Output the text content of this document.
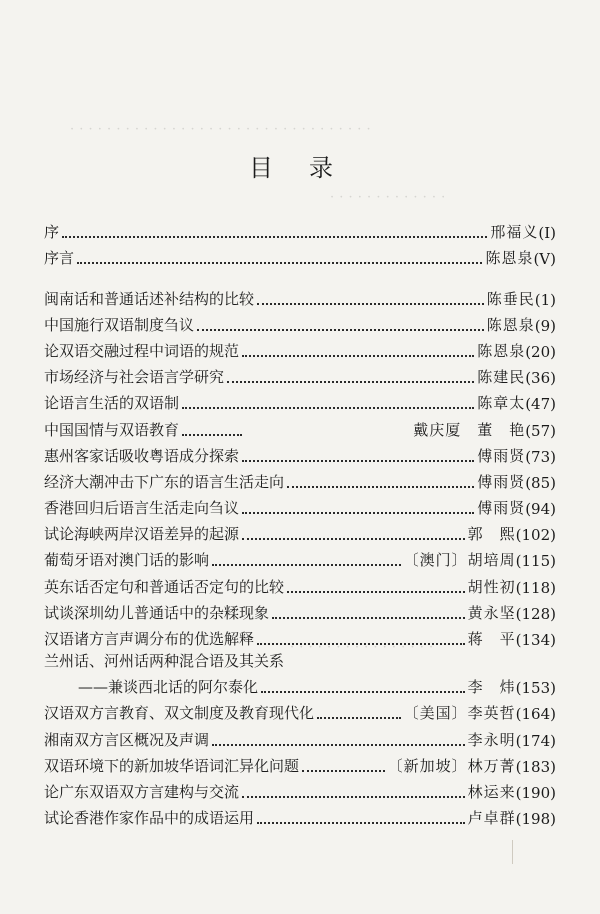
· · · · · · · · · · · · · · · · · · · · · · · · · · · · · · · · ·
· · · · · · · · · · · · ·
· · · · · · · · · · · · · · ·
· · · · · · · · · · · · · · · ·
目录
序	邢福义 (Ⅰ)
序言	陈恩泉 (Ⅴ)
闽南话和普通话述补结构的比较	陈垂民 (1)
中国施行双语制度刍议	陈恩泉 (9)
论双语交融过程中词语的规范	陈恩泉 (20)
市场经济与社会语言学研究	陈建民 (36)
论语言生活的双语制	陈章太 (47)
中国国情与双语教育	戴庆厦　董　艳 (57)
惠州客家话吸收粤语成分探索	傅雨贤 (73)
经济大潮冲击下广东的语言生活走向	傅雨贤 (85)
香港回归后语言生活走向刍议	傅雨贤 (94)
试论海峡两岸汉语差异的起源	郭　熙 (102)
葡萄牙语对澳门话的影响	〔澳门〕胡培周 (115)
英东话否定句和普通话否定句的比较	胡性初 (118)
试谈深圳幼儿普通话中的杂糅现象	黄永坚 (128)
汉语诸方言声调分布的优选解释	蒋　平 (134)
兰州话、河州话两种混合语及其关系
——兼谈西北话的阿尔泰化	李　炜 (153)
汉语双方言教育、双文制度及教育现代化	〔美国〕李英哲 (164)
湘南双方言区概况及声调	李永明 (174)
双语环境下的新加坡华语词汇异化问题	〔新加坡〕林万菁 (183)
论广东双语双方言建构与交流	林运来 (190)
试论香港作家作品中的成语运用	卢卓群 (198)
